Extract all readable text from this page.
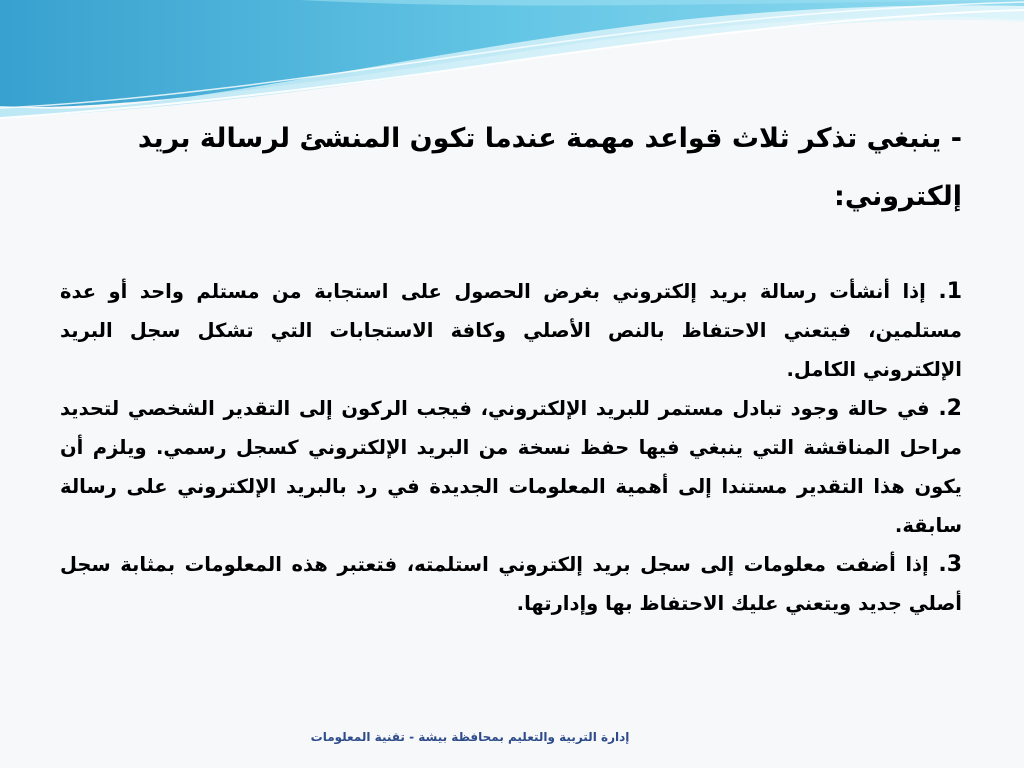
- ينبغي تذكر ثلاث قواعد مهمة عندما تكون المنشئ لرسالة بريد إلكتروني:

1. إذا أنشأت رسالة بريد إلكتروني بغرض الحصول على استجابة من مستلم واحد أو عدة مستلمين، فيتعني الاحتفاظ بالنص الأصلي وكافة الاستجابات التي تشكل سجل البريد الإلكتروني الكامل.

2. في حالة وجود تبادل مستمر للبريد الإلكتروني، فيجب الركون إلى التقدير الشخصي لتحديد مراحل المناقشة التي ينبغي فيها حفظ نسخة من البريد الإلكتروني كسجل رسمي. ويلزم أن يكون هذا التقدير مستندا إلى أهمية المعلومات الجديدة في رد بالبريد الإلكتروني على رسالة سابقة.

3. إذا أضفت معلومات إلى سجل بريد إلكتروني استلمته، فتعتبر هذه المعلومات بمثابة سجل أصلي جديد ويتعني عليك الاحتفاظ بها وإدارتها.

إدارة التربية والتعليم بمحافظة بيشة - تقنية المعلومات
